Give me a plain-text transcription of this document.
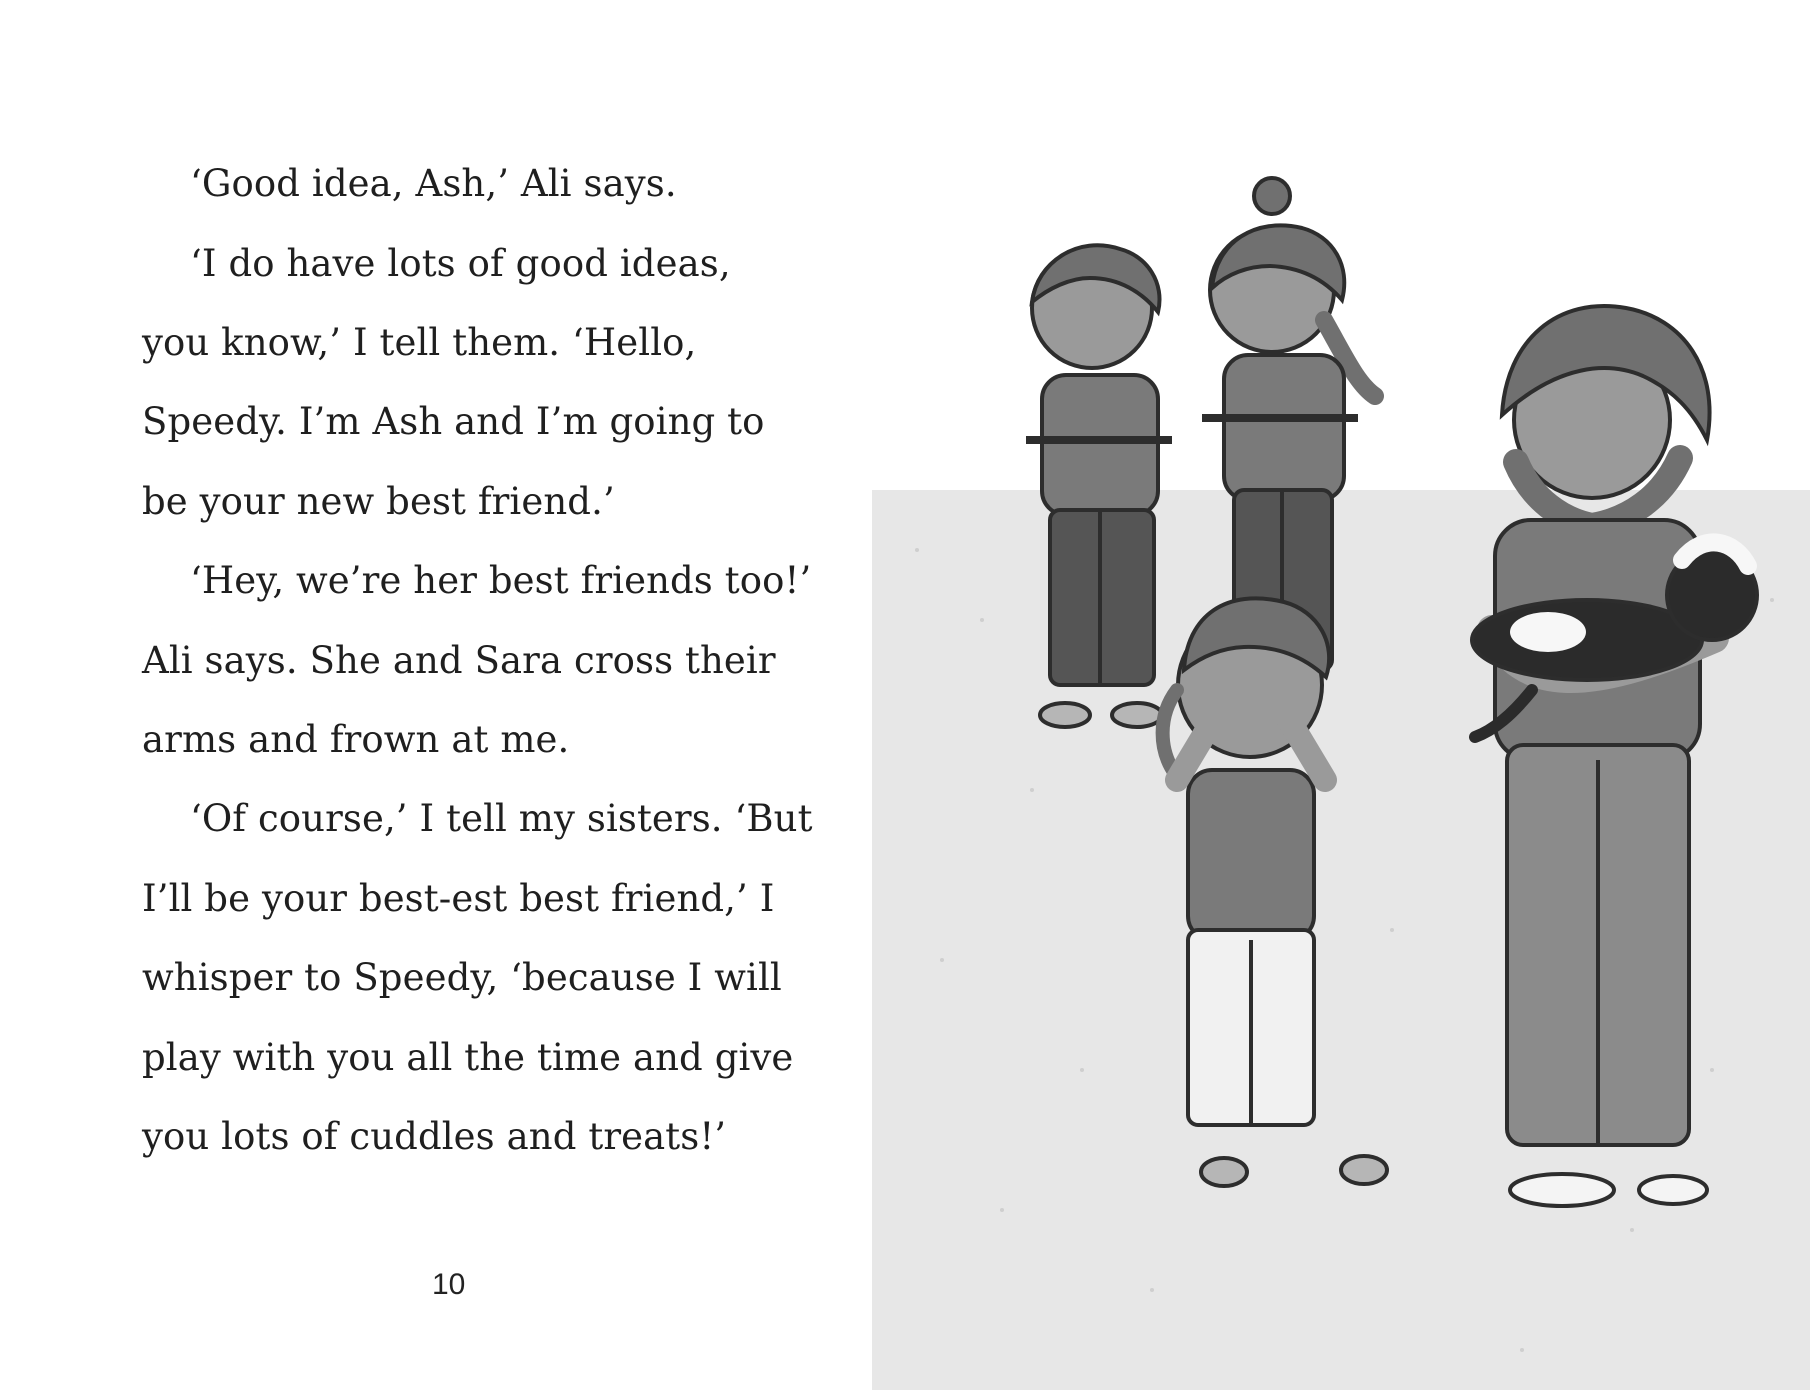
‘Good idea, Ash,’ Ali says.
‘I do have lots of good ideas,
you know,’ I tell them. ‘Hello,
Speedy. I’m Ash and I’m going to
be your new best friend.’
‘Hey, we’re her best friends too!’
Ali says. She and Sara cross their
arms and frown at me.
‘Of course,’ I tell my sisters. ‘But
I’ll be your best-est best friend,’ I
whisper to Speedy, ‘because I will
play with you all the time and give
you lots of cuddles and treats!’
10
